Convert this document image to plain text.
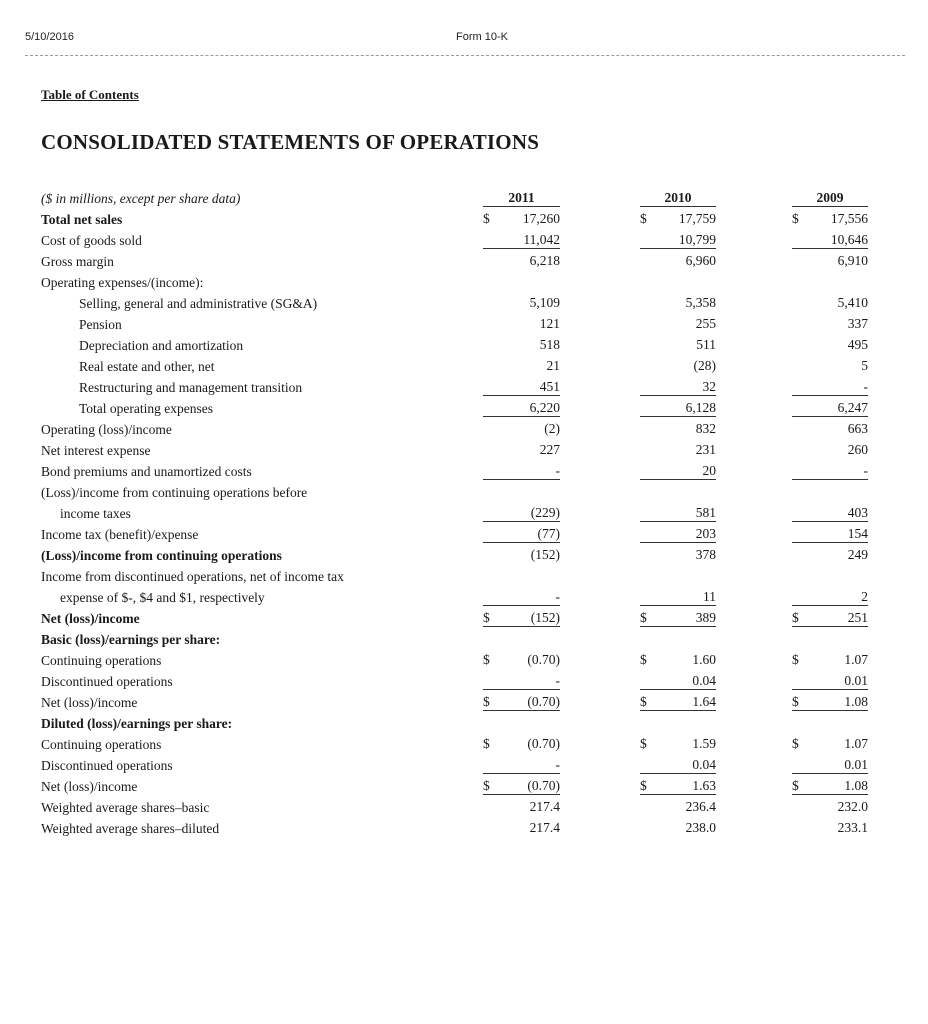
5/10/2016	Form 10-K
Table of Contents
CONSOLIDATED STATEMENTS OF OPERATIONS
($ in millions, except per share data)	2011	2010	2009
Total net sales	$ 17,260	$ 17,759	$ 17,556
Cost of goods sold	11,042	10,799	10,646
Gross margin	6,218	6,960	6,910
Operating expenses/(income):
Selling, general and administrative (SG&A)	5,109	5,358	5,410
Pension	121	255	337
Depreciation and amortization	518	511	495
Real estate and other, net	21	(28)	5
Restructuring and management transition	451	32	-
Total operating expenses	6,220	6,128	6,247
Operating (loss)/income	(2)	832	663
Net interest expense	227	231	260
Bond premiums and unamortized costs	-	20	-
(Loss)/income from continuing operations before
income taxes	(229)	581	403
Income tax (benefit)/expense	(77)	203	154
(Loss)/income from continuing operations	(152)	378	249
Income from discontinued operations, net of income tax
expense of $-, $4 and $1, respectively	-	11	2
Net (loss)/income	$	(152)	$	389	$	251
Basic (loss)/earnings per share:
Continuing operations	$	(0.70)	$	1.60	$	1.07
Discontinued operations	-	0.04	0.01
Net (loss)/income	$	(0.70)	$	1.64	$	1.08
Diluted (loss)/earnings per share:
Continuing operations	$	(0.70)	$	1.59	$	1.07
Discontinued operations	-	0.04	0.01
Net (loss)/income	$	(0.70)	$	1.63	$	1.08
Weighted average shares–basic	217.4	236.4	232.0
Weighted average shares–diluted	217.4	238.0	233.1
